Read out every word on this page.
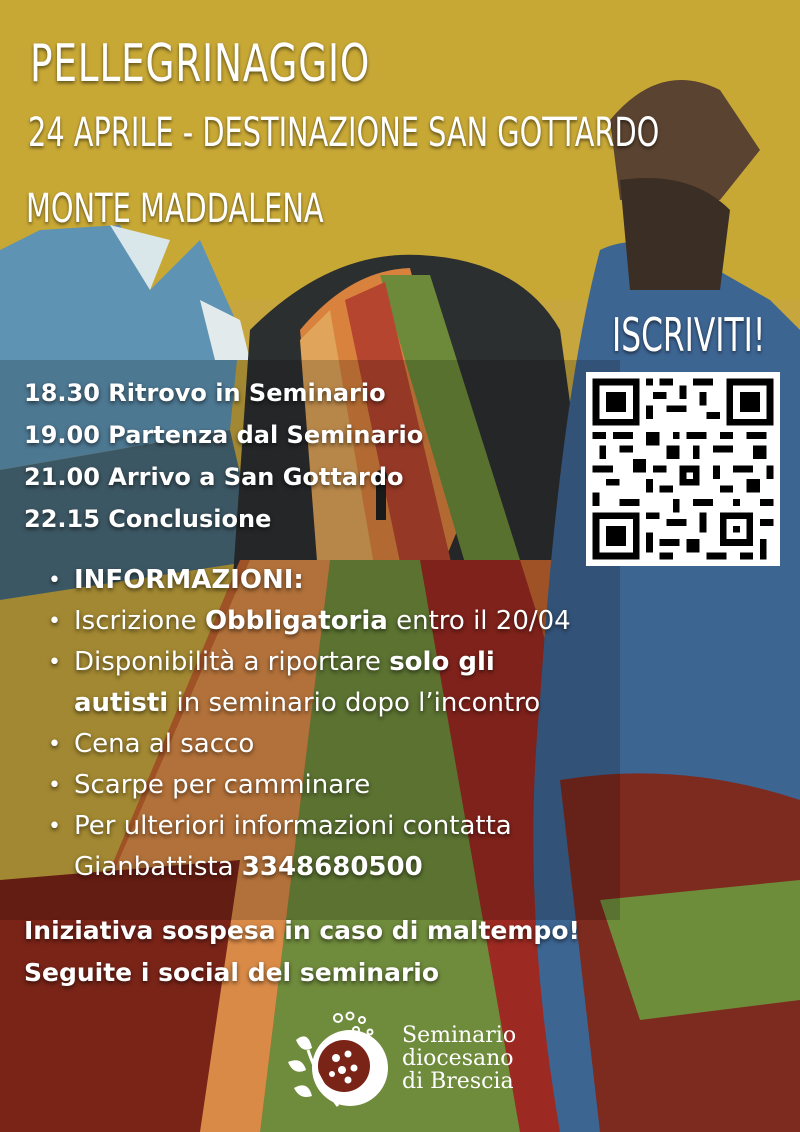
PELLEGRINAGGIO
24 APRILE - DESTINAZIONE SAN GOTTARDO
MONTE MADDALENA
ISCRIVITI!
18.30 Ritrovo in Seminario
19.00 Partenza dal Seminario
21.00 Arrivo a San Gottardo
22.15 Conclusione
• INFORMAZIONI:
• Iscrizione Obbligatoria entro il 20/04
• Disponibilità a riportare solo gli
autisti in seminario dopo l’incontro
• Cena al sacco
• Scarpe per camminare
• Per ulteriori informazioni contatta
Gianbattista 3348680500
Iniziativa sospesa in caso di maltempo!
Seguite i social del seminario
Seminario
diocesano
di Brescia
